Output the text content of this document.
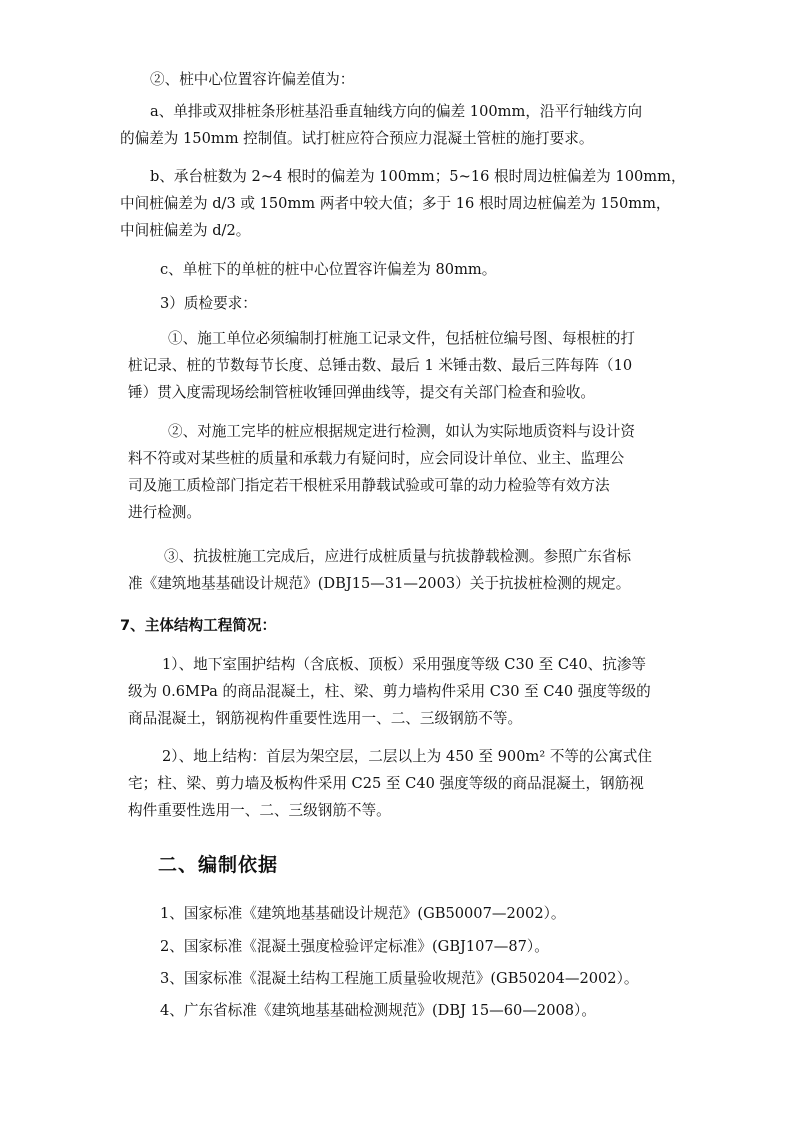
②、桩中心位置容许偏差值为：
a、单排或双排桩条形桩基沿垂直轴线方向的偏差 100mm，沿平行轴线方向
的偏差为 150mm 控制值。试打桩应符合预应力混凝土管桩的施打要求。
b、承台桩数为 2~4 根时的偏差为 100mm；5~16 根时周边桩偏差为 100mm，
中间桩偏差为 d/3 或 150mm 两者中较大值；多于 16 根时周边桩偏差为 150mm，
中间桩偏差为 d/2。
c、单桩下的单桩的桩中心位置容许偏差为 80mm。
3）质检要求：
①、施工单位必须编制打桩施工记录文件，包括桩位编号图、每根桩的打
桩记录、桩的节数每节长度、总锤击数、最后 1 米锤击数、最后三阵每阵（10
锤）贯入度需现场绘制管桩收锤回弹曲线等，提交有关部门检查和验收。
②、对施工完毕的桩应根据规定进行检测，如认为实际地质资料与设计资
料不符或对某些桩的质量和承载力有疑问时，应会同设计单位、业主、监理公
司及施工质检部门指定若干根桩采用静载试验或可靠的动力检验等有效方法
进行检测。
③、抗拔桩施工完成后，应进行成桩质量与抗拔静载检测。参照广东省标
准《建筑地基基础设计规范》(DBJ15—31—2003）关于抗拔桩检测的规定。
7、主体结构工程简况：
1）、地下室围护结构（含底板、顶板）采用强度等级 C30 至 C40、抗渗等
级为 0.6MPa 的商品混凝土，柱、梁、剪力墙构件采用 C30 至 C40 强度等级的
商品混凝土，钢筋视构件重要性选用一、二、三级钢筋不等。
2）、地上结构：首层为架空层，二层以上为 450 至 900m² 不等的公寓式住
宅；柱、梁、剪力墙及板构件采用 C25 至 C40 强度等级的商品混凝土，钢筋视
构件重要性选用一、二、三级钢筋不等。
二、编制依据
1、国家标准《建筑地基基础设计规范》(GB50007—2002）。
2、国家标准《混凝土强度检验评定标准》(GBJ107—87）。
3、国家标准《混凝土结构工程施工质量验收规范》(GB50204—2002）。
4、广东省标准《建筑地基基础检测规范》(DBJ 15—60—2008）。
